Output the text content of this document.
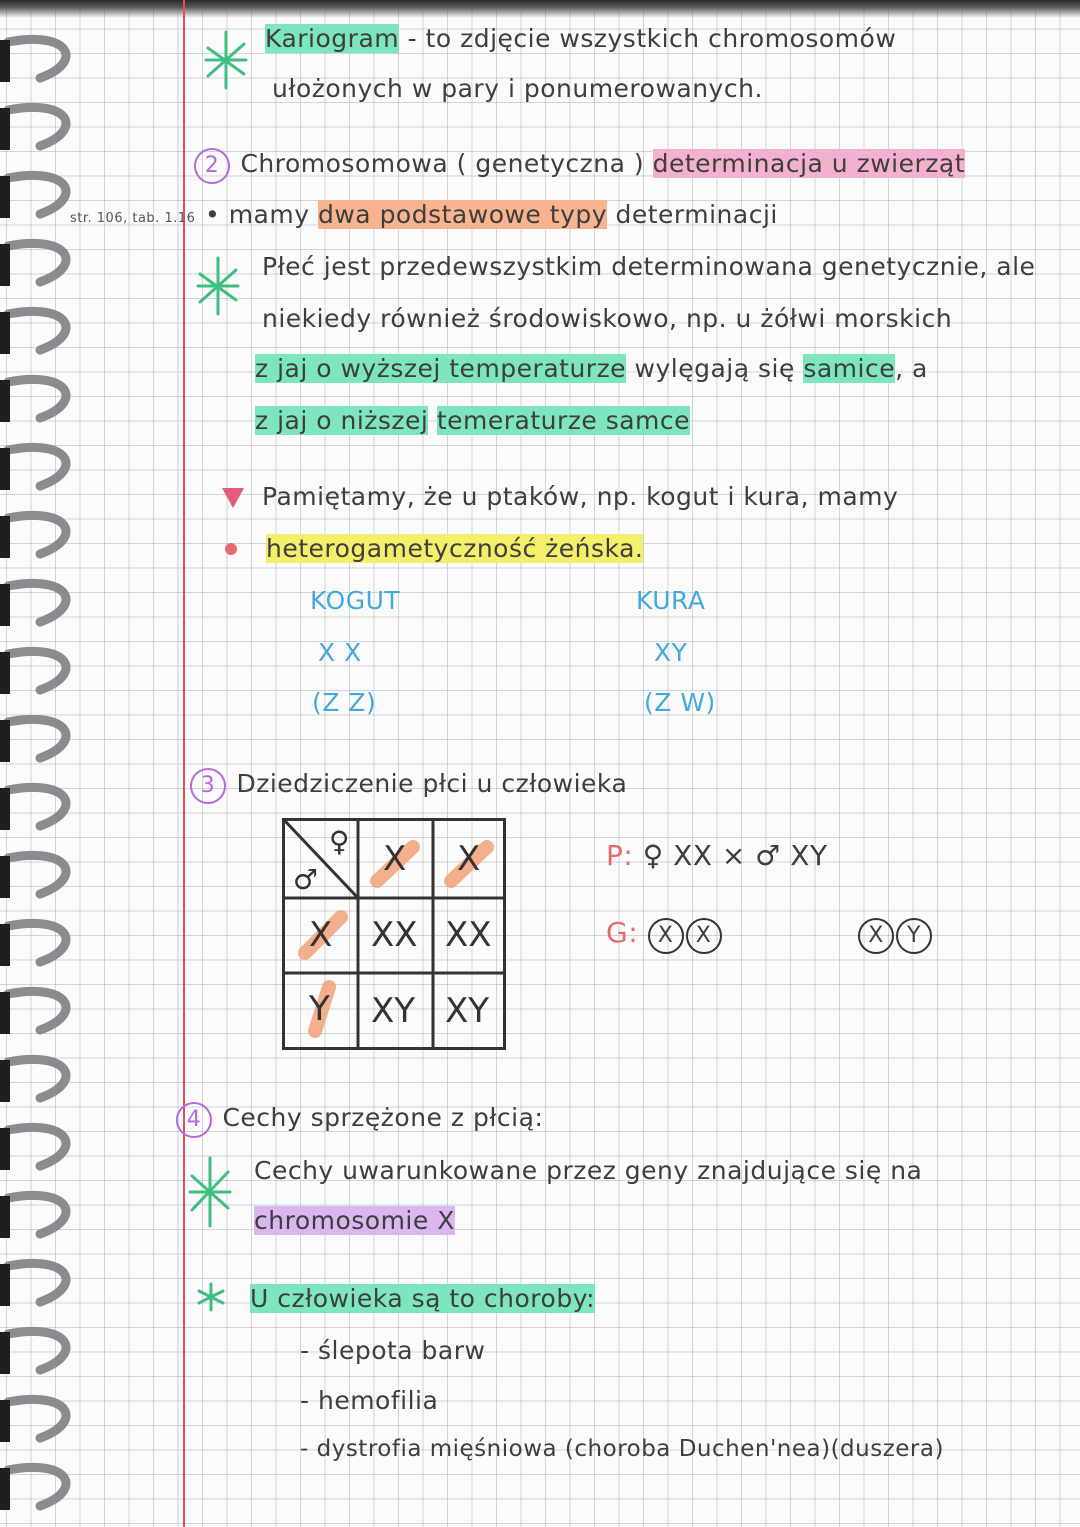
Kariogram - to zdjęcie wszystkich chromosomów
ułożonych w pary i ponumerowanych.
2 Chromosomowa ( genetyczna ) determinacja u zwierząt
str. 106, tab. 1.16 • mamy dwa podstawowe typy determinacji
Płeć jest przedewszystkim determinowana genetycznie, ale
niekiedy również środowiskowo, np. u żółwi morskich
z jaj o wyższej temperaturze wylęgają się samice, a
z jaj o niższej temeraturze samce
Pamiętamy, że u ptaków, np. kogut i kura, mamy
heterogametyczność żeńska.
KOGUT
X X
(Z Z)
KURA
XY
(Z W)
3 Dziedziczenie płci u człowieka
♀
♂
X X
X
Y
XX XX
XY XY
P: ♀ XX × ♂ XY
G: X X	X Y
4 Cechy sprzężone z płcią:
Cechy uwarunkowane przez geny znajdujące się na
chromosomie X
U człowieka są to choroby:
- ślepota barw
- hemofilia
- dystrofia mięśniowa (choroba Duchen'nea)(duszera)
